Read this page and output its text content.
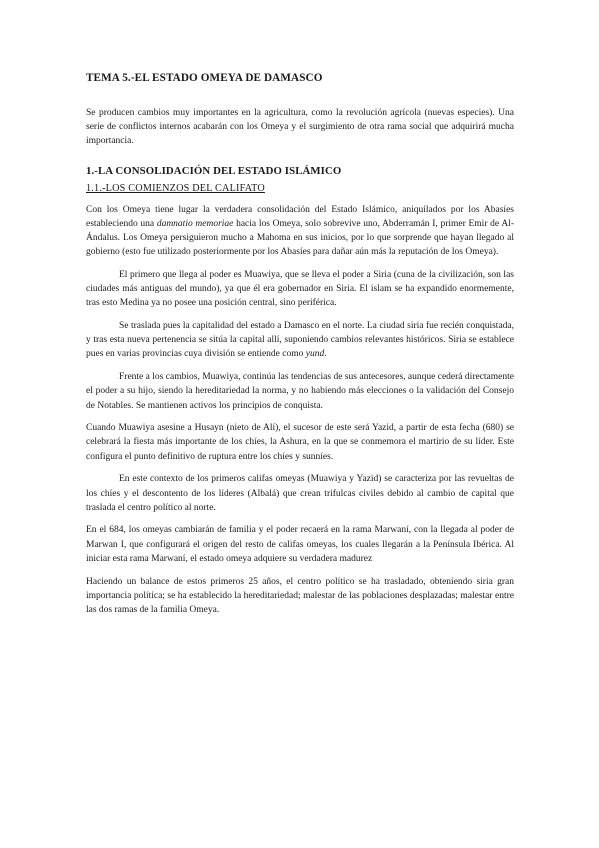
TEMA 5.-EL ESTADO OMEYA DE DAMASCO

Se producen cambios muy importantes en la agricultura, como la revolución agrícola (nuevas especies). Una serie de conflictos internos acabarán con los Omeya y el surgimiento de otra rama social que adquirirá mucha importancia.

1.-LA CONSOLIDACIÓN DEL ESTADO ISLÁMICO
1.1.-LOS COMIENZOS DEL CALIFATO

Con los Omeya tiene lugar la verdadera consolidación del Estado Islámico, aniquilados por los Abasíes estableciendo una damnatio memoriae hacia los Omeya, solo sobrevive uno, Abderramán I, primer Emir de Al-Ándalus. Los Omeya persiguieron mucho a Mahoma en sus inicios, por lo que sorprende que hayan llegado al gobierno (esto fue utilizado posteriormente por los Abasíes para dañar aún más la reputación de los Omeya).

El primero que llega al poder es Muawiya, que se lleva el poder a Siria (cuna de la civilización, son las ciudades más antiguas del mundo), ya que él era gobernador en Siria. El islam se ha expandido enormemente, tras esto Medina ya no posee una posición central, sino periférica.

Se traslada pues la capitalidad del estado a Damasco en el norte. La ciudad siria fue recién conquistada, y tras esta nueva pertenencia se sitúa la capital allí, suponiendo cambios relevantes históricos. Siria se establece pues en varias provincias cuya división se entiende como yund.

Frente a los cambios, Muawiya, continúa las tendencias de sus antecesores, aunque cederá directamente el poder a su hijo, siendo la hereditariedad la norma, y no habiendo más elecciones o la validación del Consejo de Notables. Se mantienen activos los principios de conquista.

Cuando Muawiya asesine a Husayn (nieto de Alí), el sucesor de este será Yazid, a partir de esta fecha (680) se celebrará la fiesta más importante de los chíes, la Ashura, en la que se conmemora el martirio de su líder. Este configura el punto definitivo de ruptura entre los chíes y sunníes.

En este contexto de los primeros califas omeyas (Muawiya y Yazid) se caracteriza por las revueltas de los chíes y el descontento de los líderes (Albalá) que crean trifulcas civiles debido al cambio de capital que traslada el centro político al norte.

En el 684, los omeyas cambiarán de familia y el poder recaerá en la rama Marwaní, con la llegada al poder de Marwan I, que configurará el origen del resto de califas omeyas, los cuales llegarán a la Península Ibérica. Al iniciar esta rama Marwaní, el estado omeya adquiere su verdadera madurez

Haciendo un balance de estos primeros 25 años, el centro político se ha trasladado, obteniendo siria gran importancia política; se ha establecido la hereditariedad; malestar de las poblaciones desplazadas; malestar entre las dos ramas de la familia Omeya.
